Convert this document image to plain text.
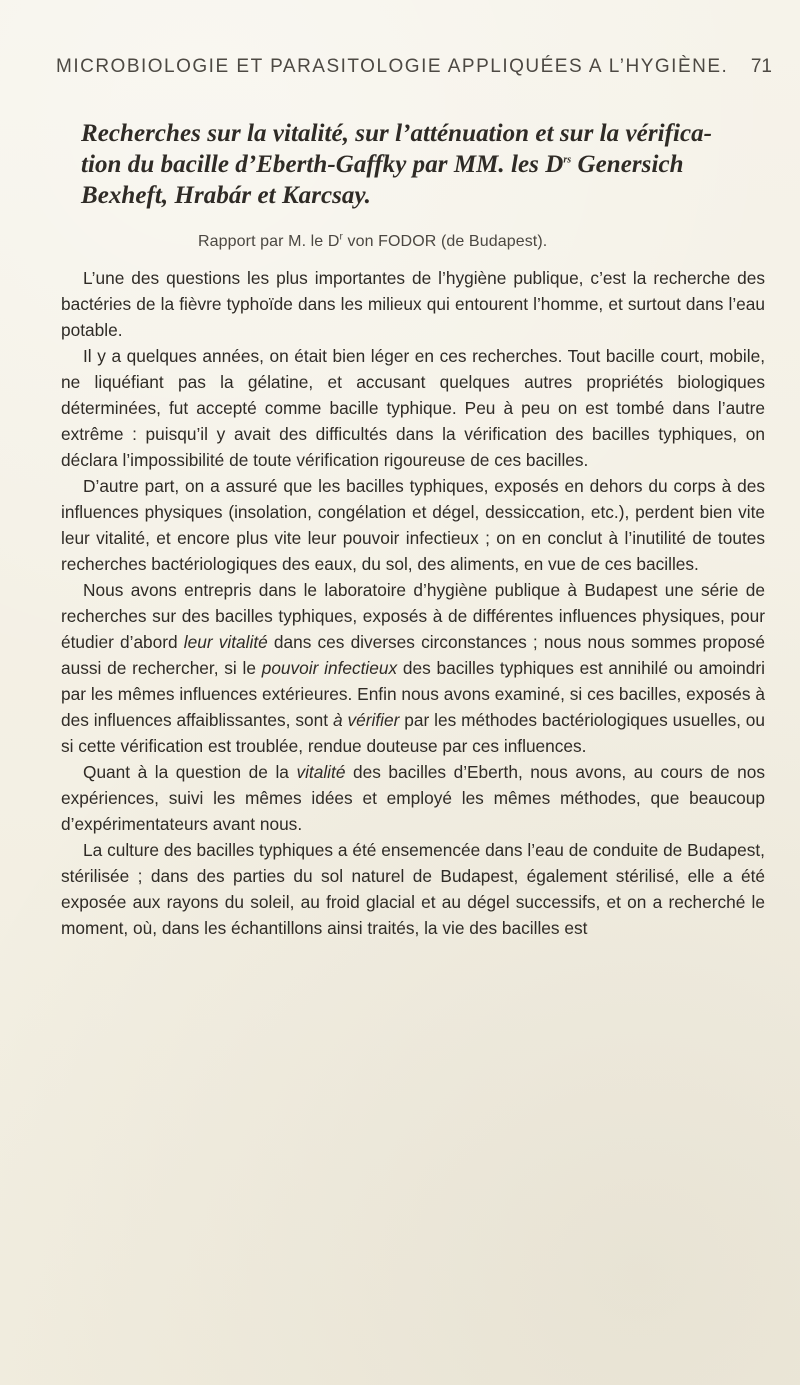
MICROBIOLOGIE ET PARASITOLOGIE APPLIQUÉES A L’HYGIÈNE.	71
Recherches sur la vitalité, sur l’atténuation et sur la vérifica-
tion du bacille d’Eberth-Gaffky par MM. les $D^{rs}$ Genersich
Bexheft, Hrabár et Karcsay.
Rapport par M. le $D^r$ von FODOR (de Budapest).

L’une des questions les plus importantes de l’hygiène publique, c’est la recherche des bactéries de la fièvre typhoïde dans les milieux qui entourent l’homme, et surtout dans l’eau potable.

Il y a quelques années, on était bien léger en ces recherches. Tout bacille court, mobile, ne liquéfiant pas la gélatine, et accusant quelques autres propriétés biologiques déterminées, fut accepté comme bacille typhique. Peu à peu on est tombé dans l’autre extrême : puisqu’il y avait des difficultés dans la vérification des bacilles typhiques, on déclara l’impossibilité de toute vérification rigoureuse de ces bacilles.

D’autre part, on a assuré que les bacilles typhiques, exposés en dehors du corps à des influences physiques (insolation, congélation et dégel, dessiccation, etc.), perdent bien vite leur vitalité, et encore plus vite leur pouvoir infectieux ; on en conclut à l’inutilité de toutes recherches bactériologiques des eaux, du sol, des aliments, en vue de ces bacilles.

Nous avons entrepris dans le laboratoire d’hygiène publique à Budapest une série de recherches sur des bacilles typhiques, exposés à de différentes influences physiques, pour étudier d’abord leur vitalité dans ces diverses circonstances ; nous nous sommes proposé aussi de rechercher, si le pouvoir infectieux des bacilles typhiques est annihilé ou amoindri par les mêmes influences extérieures. Enfin nous avons examiné, si ces bacilles, exposés à des influences affaiblissantes, sont à vérifier par les méthodes bactériologiques usuelles, ou si cette vérification est troublée, rendue douteuse par ces influences.

Quant à la question de la vitalité des bacilles d’Eberth, nous avons, au cours de nos expériences, suivi les mêmes idées et employé les mêmes méthodes, que beaucoup d’expérimentateurs avant nous.

La culture des bacilles typhiques a été ensemencée dans l’eau de conduite de Budapest, stérilisée ; dans des parties du sol naturel de Budapest, également stérilisé, elle a été exposée aux rayons du soleil, au froid glacial et au dégel successifs, et on a recherché le moment, où, dans les échantillons ainsi traités, la vie des bacilles est
